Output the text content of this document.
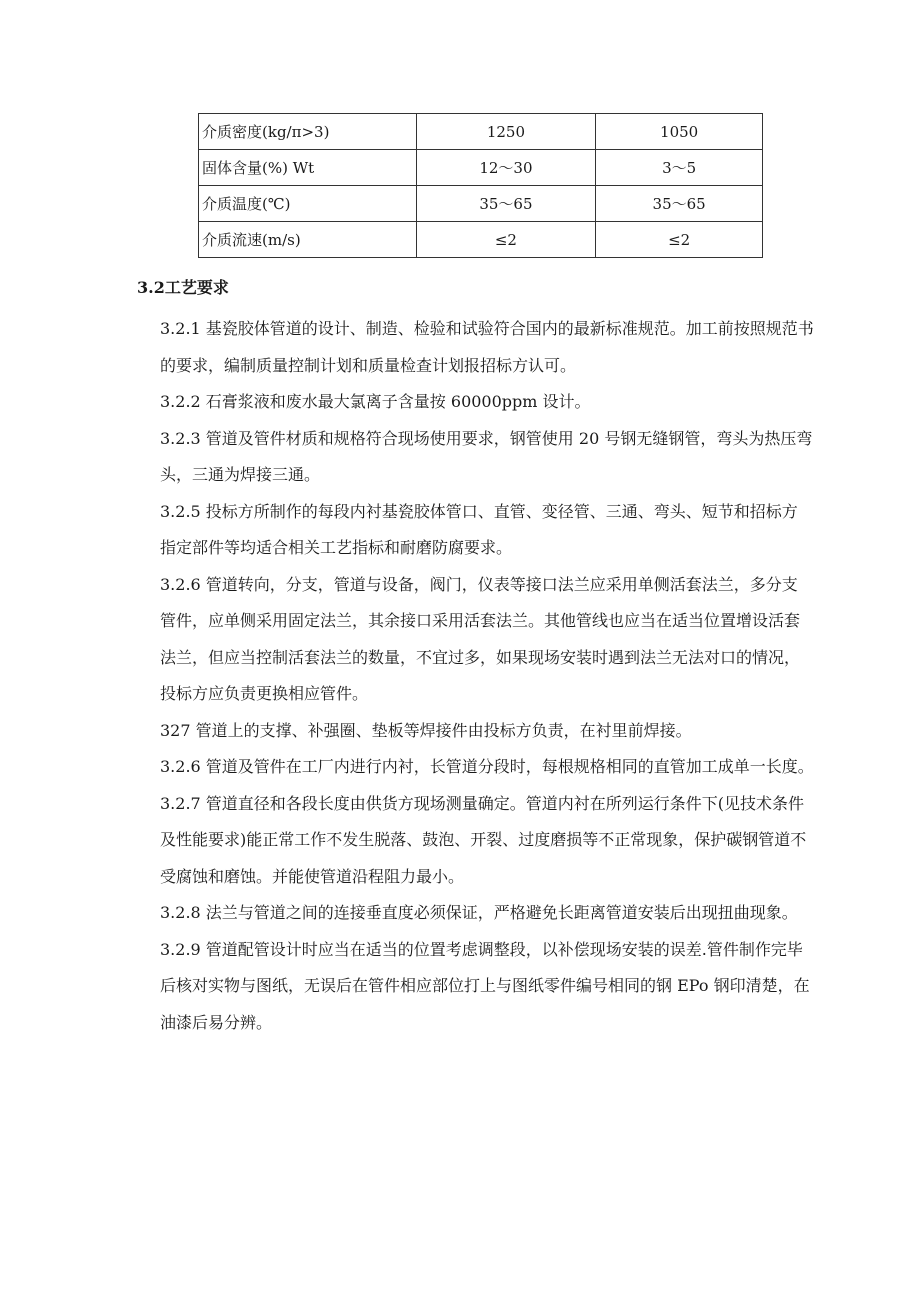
介质密度(kg/π>3)	1250	1050
固体含量(%) Wt	12～30	3～5
介质温度(℃)	35～65	35～65
介质流速(m/s)	≤2	≤2
3.2工艺要求

3.2.1 基瓷胶体管道的设计、制造、检验和试验符合国内的最新标准规范。加工前按照规范书
的要求，编制质量控制计划和质量检查计划报招标方认可。

3.2.2 石膏浆液和废水最大氯离子含量按 60000ppm 设计。

3.2.3 管道及管件材质和规格符合现场使用要求，钢管使用 20 号钢无缝钢管，弯头为热压弯
头，三通为焊接三通。

3.2.5 投标方所制作的每段内衬基瓷胶体管口、直管、变径管、三通、弯头、短节和招标方
指定部件等均适合相关工艺指标和耐磨防腐要求。

3.2.6 管道转向，分支，管道与设备，阀门，仪表等接口法兰应采用单侧活套法兰，多分支
管件，应单侧采用固定法兰，其余接口采用活套法兰。其他管线也应当在适当位置增设活套
法兰，但应当控制活套法兰的数量，不宜过多，如果现场安装时遇到法兰无法对口的情况，
投标方应负责更换相应管件。

327 管道上的支撑、补强圈、垫板等焊接件由投标方负责，在衬里前焊接。

3.2.6 管道及管件在工厂内进行内衬，长管道分段时，每根规格相同的直管加工成单一长度。

3.2.7 管道直径和各段长度由供货方现场测量确定。管道内衬在所列运行条件下(见技术条件
及性能要求)能正常工作不发生脱落、鼓泡、开裂、过度磨损等不正常现象，保护碳钢管道不
受腐蚀和磨蚀。并能使管道沿程阻力最小。

3.2.8 法兰与管道之间的连接垂直度必须保证，严格避免长距离管道安装后出现扭曲现象。

3.2.9 管道配管设计时应当在适当的位置考虑调整段，以补偿现场安装的误差.管件制作完毕
后核对实物与图纸，无误后在管件相应部位打上与图纸零件编号相同的钢 EPo 钢印清楚，在
油漆后易分辨。
